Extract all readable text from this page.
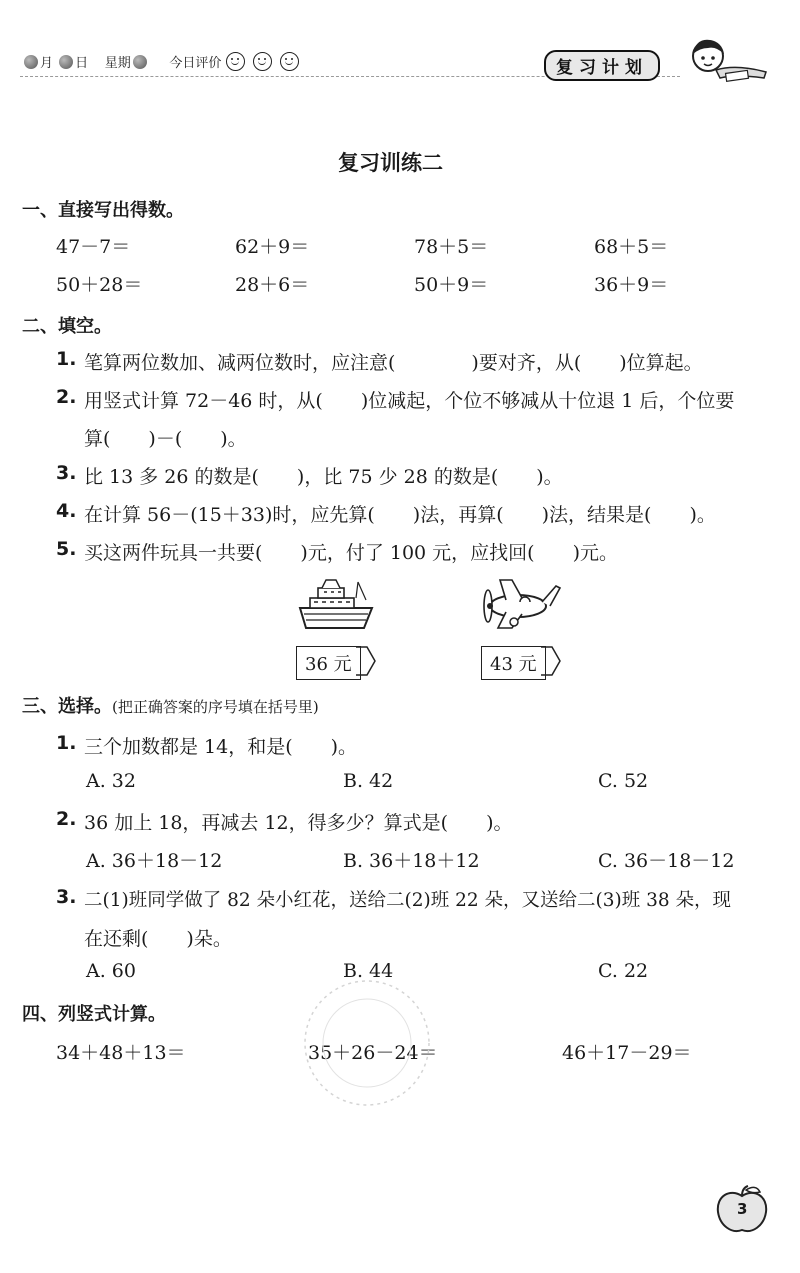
月 日 星期	今日评价	复习计划
复习训练二
一、直接写出得数。
47－7＝	62＋9＝	78＋5＝	68＋5＝
50＋28＝	28＋6＝	50＋9＝	36＋9＝
二、填空。
1. 笔算两位数加、减两位数时，应注意(　　　　)要对齐，从(　　)位算起。
2. 用竖式计算 72－46 时，从(　　)位减起，个位不够减从十位退 1 后，个位要
算(　　)－(　　)。
3. 比 13 多 26 的数是(　　)，比 75 少 28 的数是(　　)。
4. 在计算 56－(15＋33)时，应先算(　　)法，再算(　　)法，结果是(　　)。
5. 买这两件玩具一共要(　　)元，付了 100 元，应找回(　　)元。
36 元	43 元
三、选择。(把正确答案的序号填在括号里)
1. 三个加数都是 14，和是(　　)。
A. 32	B. 42	C. 52
2. 36 加上 18，再减去 12，得多少？算式是(　　)。
A. 36＋18－12	B. 36＋18＋12	C. 36－18－12
3. 二(1)班同学做了 82 朵小红花，送给二(2)班 22 朵，又送给二(3)班 38 朵，现
在还剩(　　)朵。
A. 60	B. 44	C. 22
四、列竖式计算。
34＋48＋13＝	35＋26－24＝	46＋17－29＝
3
